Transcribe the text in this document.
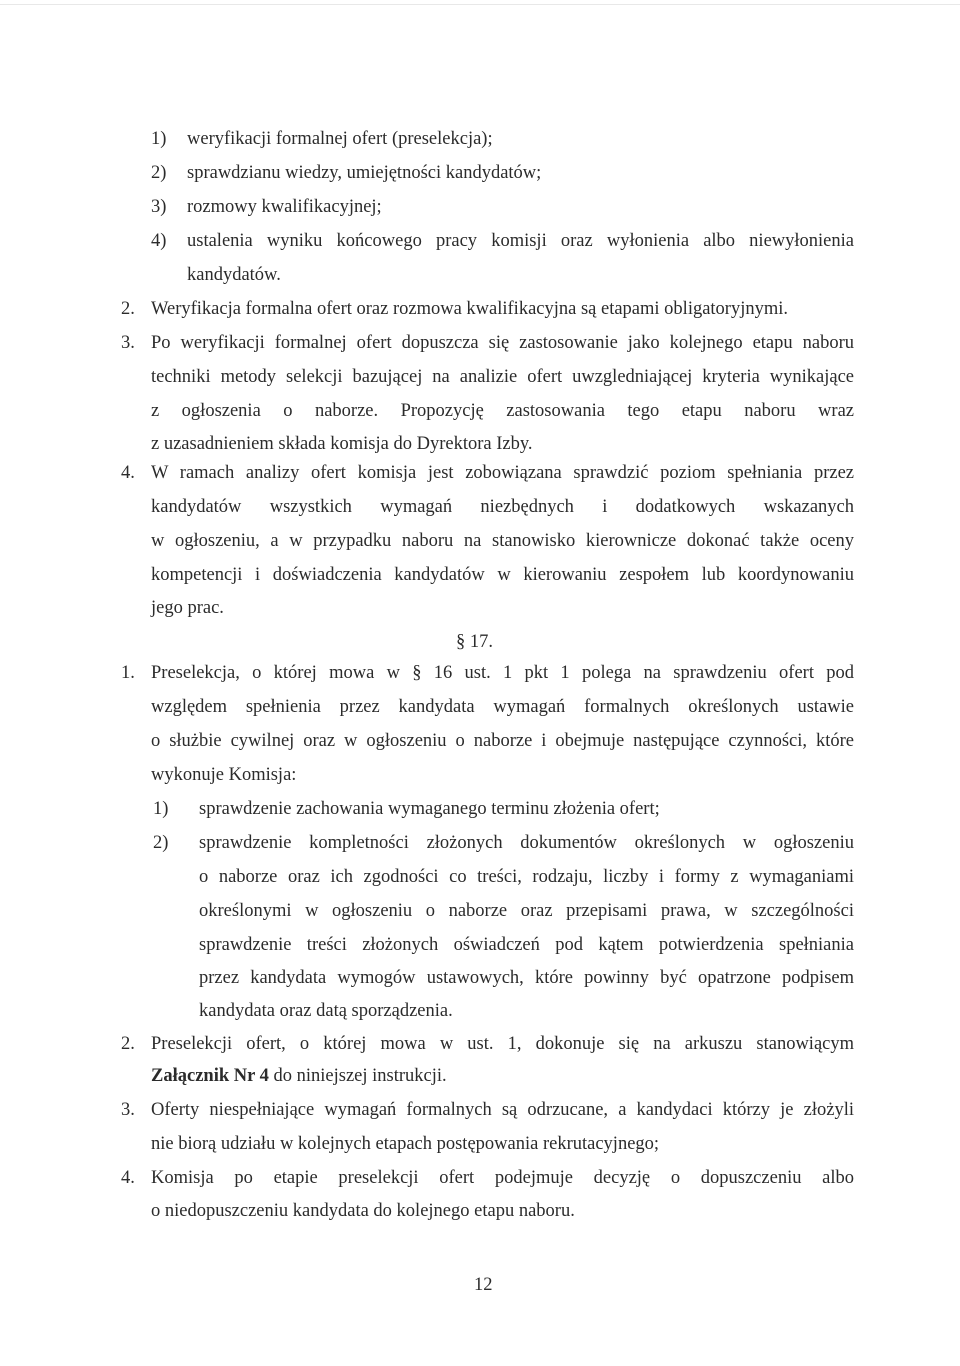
1) weryfikacji formalnej ofert (preselekcja);
2) sprawdzianu wiedzy, umiejętności kandydatów;
3) rozmowy kwalifikacyjnej;
4) ustalenia wyniku końcowego pracy komisji oraz wyłonienia albo niewyłonienia
kandydatów.
2. Weryfikacja formalna ofert oraz rozmowa kwalifikacyjna są etapami obligatoryjnymi.
3. Po weryfikacji formalnej ofert dopuszcza się zastosowanie jako kolejnego etapu naboru
techniki metody selekcji bazującej na analizie ofert uwzgledniającej kryteria wynikające
z ogłoszenia o naborze. Propozycję zastosowania tego etapu naboru wraz
z uzasadnieniem składa komisja do Dyrektora Izby.
4. W ramach analizy ofert komisja jest zobowiązana sprawdzić poziom spełniania przez
kandydatów wszystkich wymagań niezbędnych i dodatkowych wskazanych
w ogłoszeniu, a w przypadku naboru na stanowisko kierownicze dokonać także oceny
kompetencji i doświadczenia kandydatów w kierowaniu zespołem lub koordynowaniu
jego prac.
§ 17.
1. Preselekcja, o której mowa w § 16 ust. 1 pkt 1 polega na sprawdzeniu ofert pod
względem spełnienia przez kandydata wymagań formalnych określonych ustawie
o służbie cywilnej oraz w ogłoszeniu o naborze i obejmuje następujące czynności, które
wykonuje Komisja:
1) sprawdzenie zachowania wymaganego terminu złożenia ofert;
2) sprawdzenie kompletności złożonych dokumentów określonych w ogłoszeniu
o naborze oraz ich zgodności co treści, rodzaju, liczby i formy z wymaganiami
określonymi w ogłoszeniu o naborze oraz przepisami prawa, w szczególności
sprawdzenie treści złożonych oświadczeń pod kątem potwierdzenia spełniania
przez kandydata wymogów ustawowych, które powinny być opatrzone podpisem
kandydata oraz datą sporządzenia.
2. Preselekcji ofert, o której mowa w ust. 1, dokonuje się na arkuszu stanowiącym
Załącznik Nr 4 do niniejszej instrukcji.
3. Oferty niespełniające wymagań formalnych są odrzucane, a kandydaci którzy je złożyli
nie biorą udziału w kolejnych etapach postępowania rekrutacyjnego;
4. Komisja po etapie preselekcji ofert podejmuje decyzję o dopuszczeniu albo
o niedopuszczeniu kandydata do kolejnego etapu naboru.
12
